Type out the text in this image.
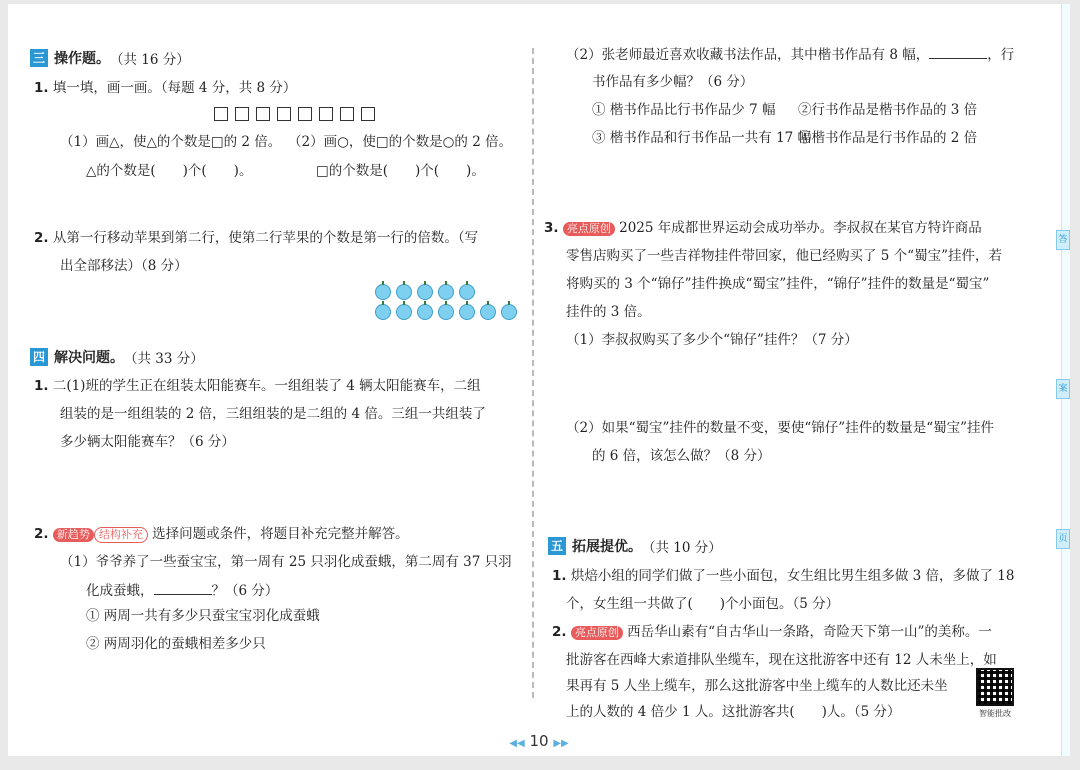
三 操作题。 （共 16 分）
1. 填一填，画一画。（每题 4 分，共 8 分）
（1）画△，使△的个数是□的 2 倍。
△的个数是(　　)个(　　)。
（2）画○，使□的个数是○的 2 倍。
□的个数是(　　)个(　　)。
2. 从第一行移动苹果到第二行，使第二行苹果的个数是第一行的倍数。（写
出全部移法）（8 分）
四 解决问题。 （共 33 分）
1. 二(1)班的学生正在组装太阳能赛车。一组组装了 4 辆太阳能赛车，二组
组装的是一组组装的 2 倍，三组组装的是二组的 4 倍。三组一共组装了
多少辆太阳能赛车？（6 分）
2. 新趋势 结构补充 选择问题或条件，将题目补充完整并解答。
（1）爷爷养了一些蚕宝宝，第一周有 25 只羽化成蚕蛾，第二周有 37 只羽
化成蚕蛾，	？（6 分）
① 两周一共有多少只蚕宝宝羽化成蚕蛾
② 两周羽化的蚕蛾相差多少只
（2）张老师最近喜欢收藏书法作品，其中楷书作品有 8 幅，	，行
书作品有多少幅？（6 分）
① 楷书作品比行书作品少 7 幅 ②行书作品是楷书作品的 3 倍
③ 楷书作品和行书作品一共有 17 幅
④楷书作品是行书作品的 2 倍
3. 亮点原创 2025 年成都世界运动会成功举办。李叔叔在某官方特许商品
零售店购买了一些吉祥物挂件带回家，他已经购买了 5 个“蜀宝”挂件，若
将购买的 3 个“锦仔”挂件换成“蜀宝”挂件，“锦仔”挂件的数量是“蜀宝”
挂件的 3 倍。
（1）李叔叔购买了多少个“锦仔”挂件？（7 分）
（2）如果“蜀宝”挂件的数量不变，要使“锦仔”挂件的数量是“蜀宝”挂件
的 6 倍，该怎么做？（8 分）
五 拓展提优。 （共 10 分）
1. 烘焙小组的同学们做了一些小面包，女生组比男生组多做 3 倍，多做了 18
个，女生组一共做了(　　)个小面包。（5 分）
2. 亮点原创 西岳华山素有“自古华山一条路，奇险天下第一山”的美称。一
批游客在西峰大索道排队坐缆车，现在这批游客中还有 12 人未坐上，如
果再有 5 人坐上缆车，那么这批游客中坐上缆车的人数比还未坐
上的人数的 4 倍少 1 人。这批游客共(　　)人。（5 分）	智能批改
答
案
页
◀◀ 10 ▶▶
